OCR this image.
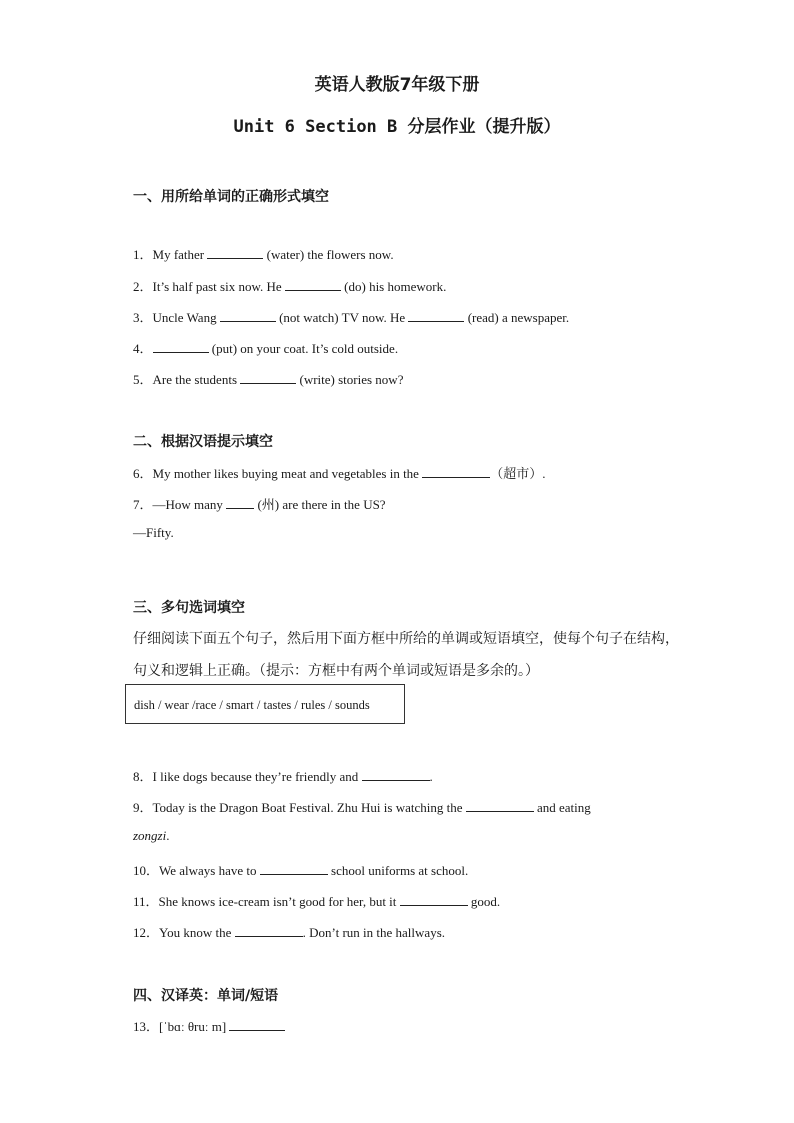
英语人教版7年级下册
Unit 6 Section B 分层作业（提升版）
一、用所给单词的正确形式填空
1．My father	(water) the flowers now.
2．It’s half past six now. He	(do) his homework.
3．Uncle Wang	(not watch) TV now. He	(read) a newspaper.
4．	(put) on your coat. It’s cold outside.
5．Are the students	(write) stories now?
二、根据汉语提示填空
6．My mother likes buying meat and vegetables in the	（超市）.
7．—How many  (州) are there in the US?
—Fifty.
三、多句选词填空
仔细阅读下面五个句子，然后用下面方框中所给的单调或短语填空，使每个句子在结构，
句义和逻辑上正确。（提示：方框中有两个单词或短语是多余的。）
dish / wear /race / smart / tastes / rules / sounds
8．I like dogs because they’re friendly and	.
9．Today is the Dragon Boat Festival. Zhu Hui is watching the	and eating
zongzi.
10．We always have to	school uniforms at school.
11．She knows ice-cream isn’t good for her, but it	good.
12．You know the	. Don’t run in the hallways.
四、汉译英：单词/短语
13．[ˈbɑː θruː m]
